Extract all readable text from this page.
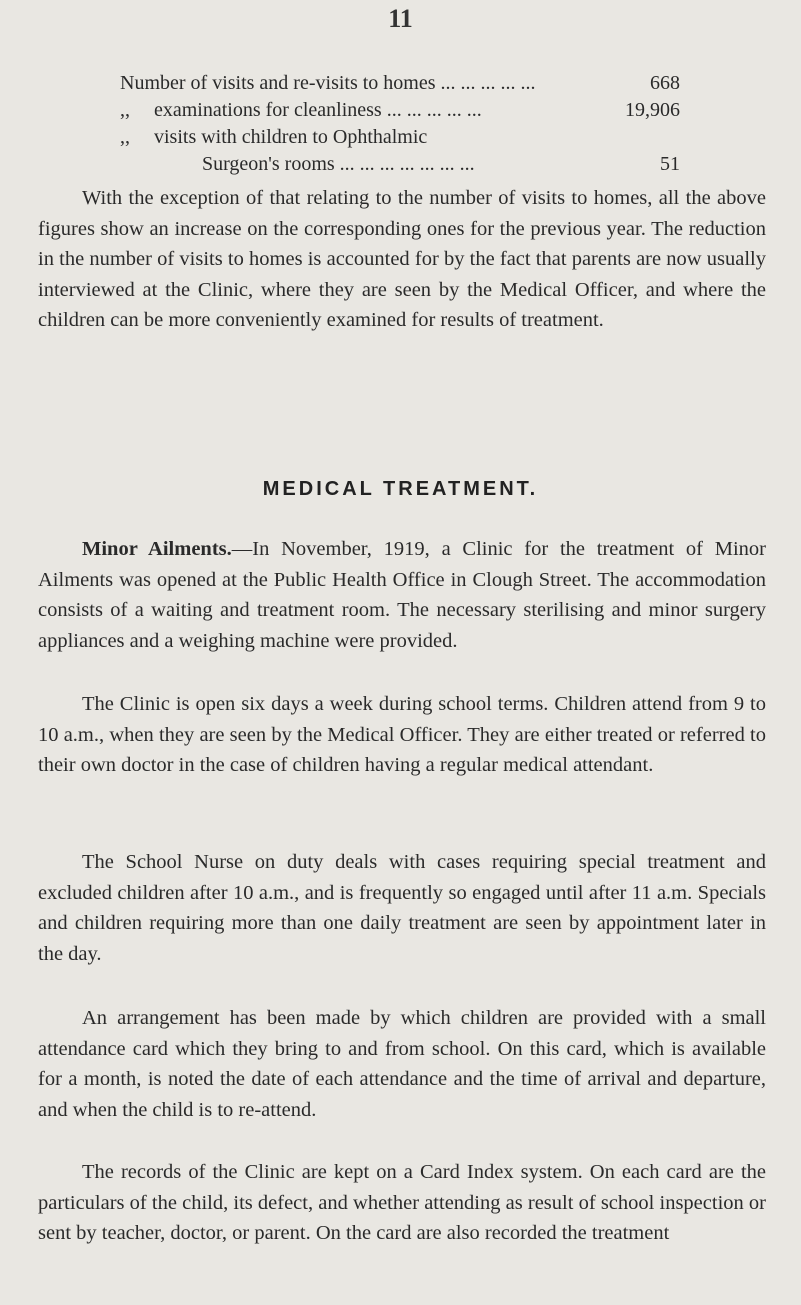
11
Number of visits and re-visits to homes ... ... ... ... ...	668
,,	examinations for cleanliness ... ... ... ... ...	19,906
,,	visits with children to Ophthalmic
Surgeon's rooms ... ... ... ... ... ... ...	51

With the exception of that relating to the number of visits to homes, all the above figures show an increase on the corresponding ones for the previous year. The reduction in the number of visits to homes is accounted for by the fact that parents are now usually interviewed at the Clinic, where they are seen by the Medical Officer, and where the children can be more conveniently examined for results of treatment.

MEDICAL TREATMENT.

Minor Ailments.—In November, 1919, a Clinic for the treatment of Minor Ailments was opened at the Public Health Office in Clough Street. The accommodation consists of a waiting and treatment room. The necessary sterilising and minor surgery appliances and a weighing machine were provided.

The Clinic is open six days a week during school terms. Children attend from 9 to 10 a.m., when they are seen by the Medical Officer. They are either treated or referred to their own doctor in the case of children having a regular medical attendant.

The School Nurse on duty deals with cases requiring special treatment and excluded children after 10 a.m., and is frequently so engaged until after 11 a.m. Specials and children requiring more than one daily treatment are seen by appointment later in the day.

An arrangement has been made by which children are provided with a small attendance card which they bring to and from school. On this card, which is available for a month, is noted the date of each attendance and the time of arrival and departure, and when the child is to re-attend.

The records of the Clinic are kept on a Card Index system. On each card are the particulars of the child, its defect, and whether attending as result of school inspection or sent by teacher, doctor, or parent. On the card are also recorded the treatment
